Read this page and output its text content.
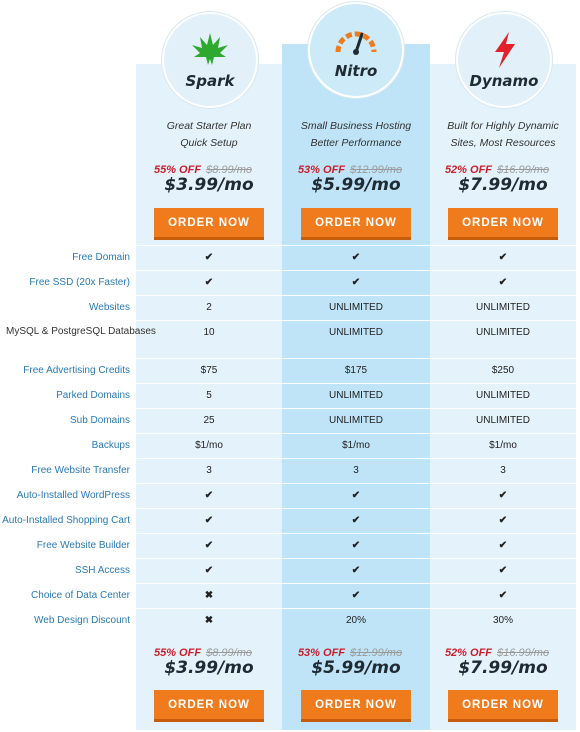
Spark
Nitro
Dynamo
Great Starter Plan
Quick Setup
Small Business Hosting
Better Performance
Built for Highly Dynamic
Sites, Most Resources
55% OFF $8.99/mo
$3.99/mo
53% OFF $12.99/mo
$5.99/mo
52% OFF $16.99/mo
$7.99/mo
ORDER NOW	ORDER NOW	ORDER NOW
Free Domain	✔	✔	✔
Free SSD (20x Faster)	✔	✔	✔
Websites	2	UNLIMITED	UNLIMITED
MySQL & PostgreSQL Databases	10	UNLIMITED	UNLIMITED
Free Advertising Credits	$75	$175	$250
Parked Domains	5	UNLIMITED	UNLIMITED
Sub Domains	25	UNLIMITED	UNLIMITED
Backups	$1/mo	$1/mo	$1/mo
Free Website Transfer	3	3	3
Auto-Installed WordPress	✔	✔	✔
Auto-Installed Shopping Cart	✔	✔	✔
Free Website Builder	✔	✔	✔
SSH Access	✔	✔	✔
Choice of Data Center	✖	✔	✔
Web Design Discount	✖	20%	30%
55% OFF $8.99/mo
$3.99/mo
53% OFF $12.99/mo
$5.99/mo
52% OFF $16.99/mo
$7.99/mo
ORDER NOW	ORDER NOW	ORDER NOW
